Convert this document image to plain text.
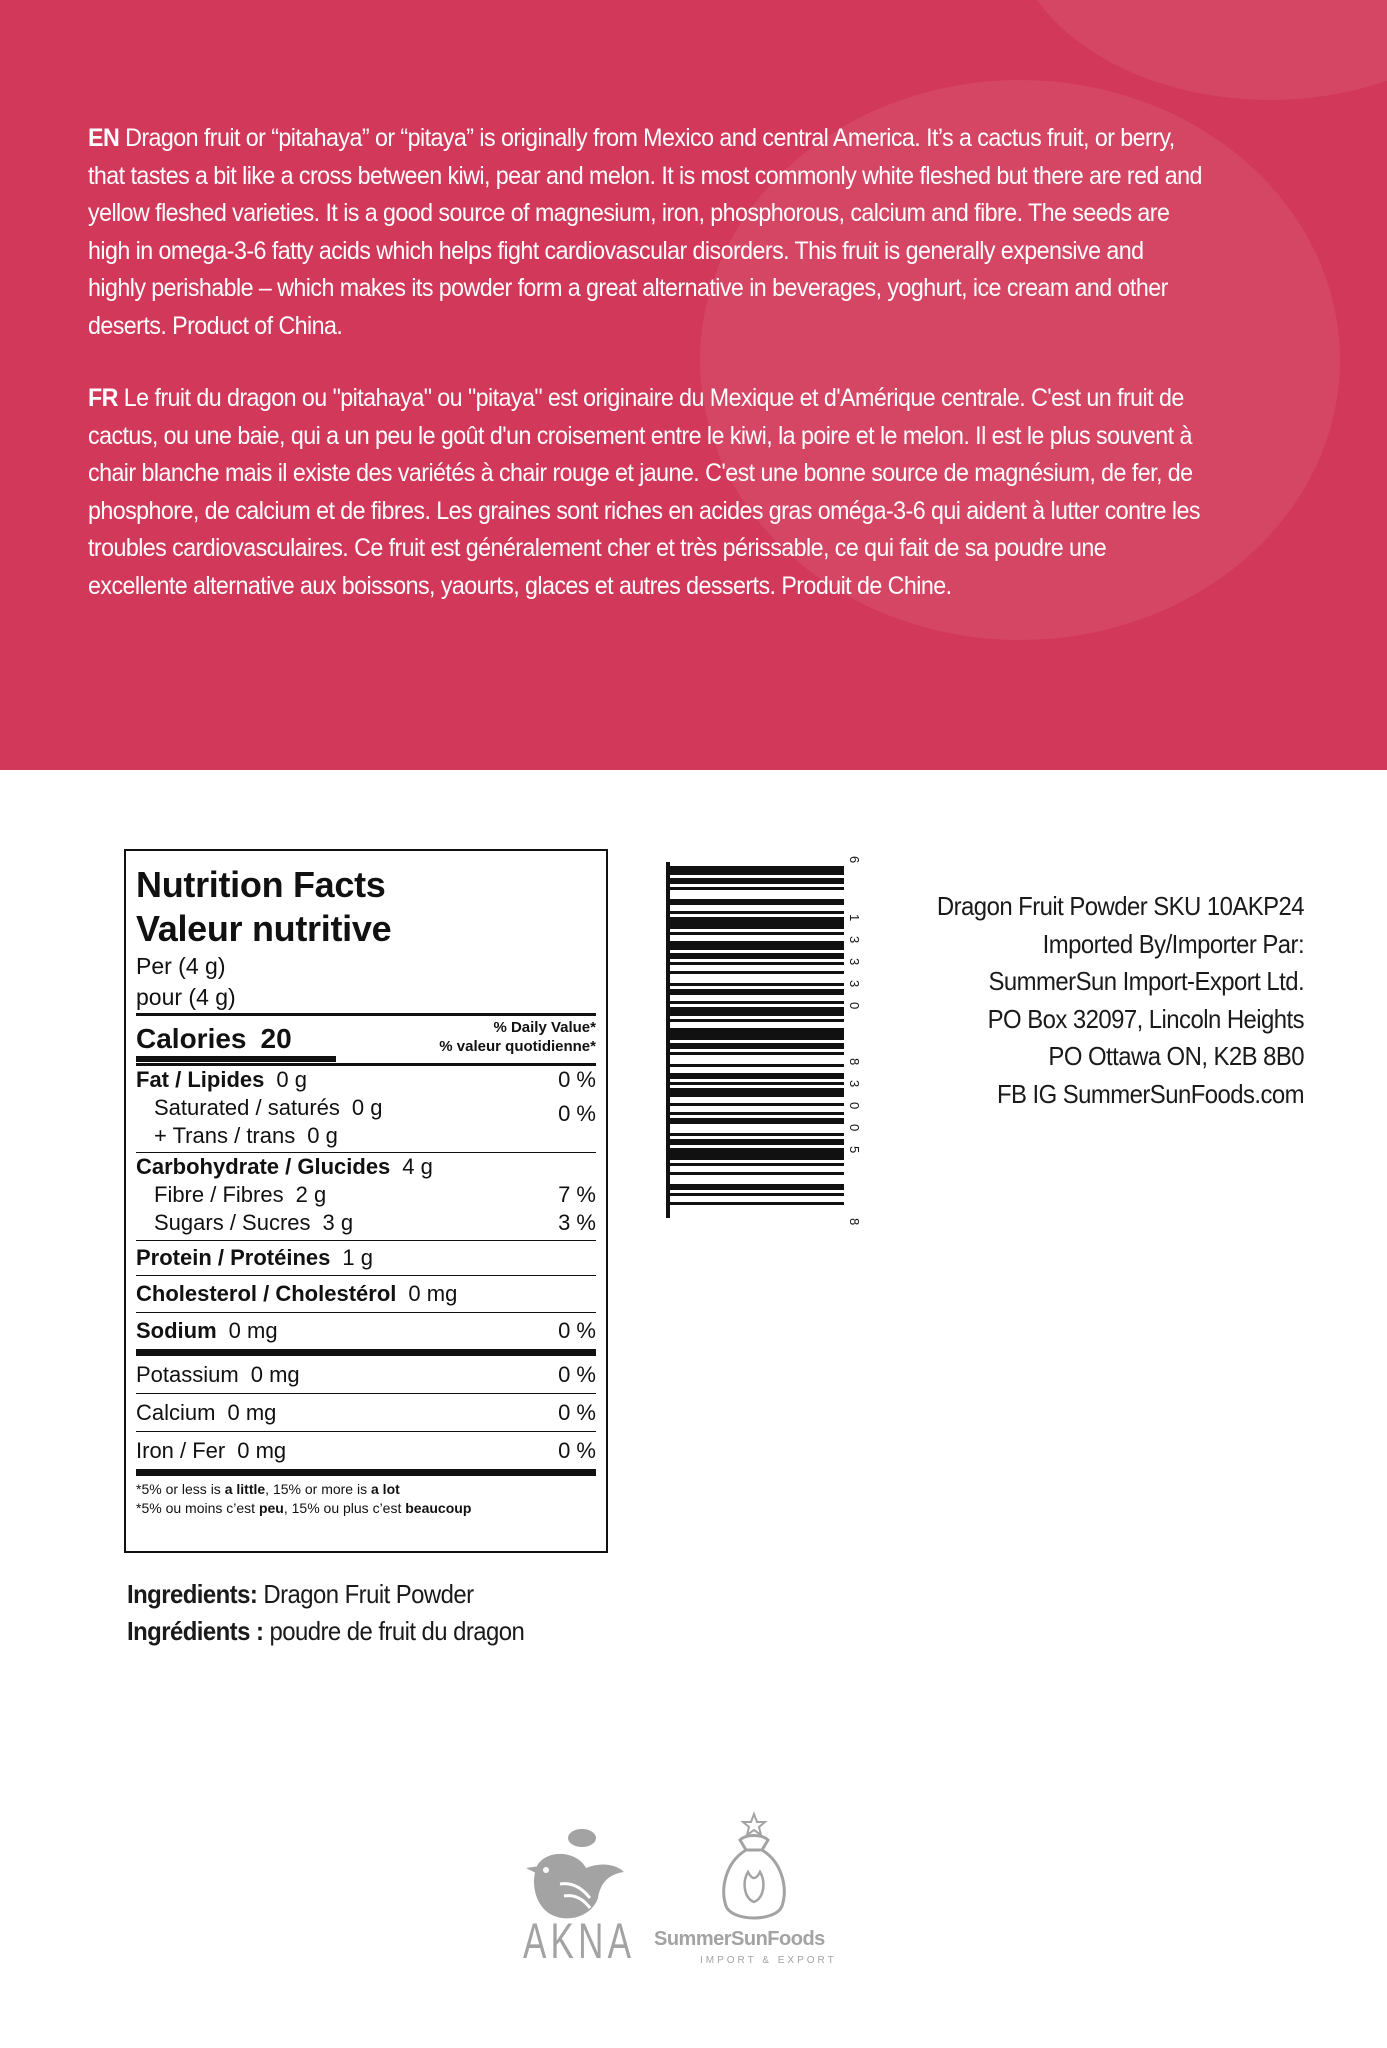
EN Dragon fruit or “pitahaya” or “pitaya” is originally from Mexico and central America. It’s a cactus fruit, or berry, that tastes a bit like a cross between kiwi, pear and melon. It is most commonly white fleshed but there are red and yellow fleshed varieties. It is a good source of magnesium, iron, phosphorous, calcium and fibre. The seeds are high in omega-3-6 fatty acids which helps fight cardiovascular disorders. This fruit is generally expensive and highly perishable – which makes its powder form a great alternative in beverages, yoghurt, ice cream and other deserts. Product of China.

FR Le fruit du dragon ou "pitahaya" ou "pitaya" est originaire du Mexique et d'Amérique centrale. C'est un fruit de cactus, ou une baie, qui a un peu le goût d'un croisement entre le kiwi, la poire et le melon. Il est le plus souvent à chair blanche mais il existe des variétés à chair rouge et jaune. C'est une bonne source de magnésium, de fer, de phosphore, de calcium et de fibres. Les graines sont riches en acides gras oméga-3-6 qui aident à lutter contre les troubles cardiovasculaires. Ce fruit est généralement cher et très périssable, ce qui fait de sa poudre une excellente alternative aux boissons, yaourts, glaces et autres desserts. Produit de Chine.

Nutrition Facts
Valeur nutritive
Per (4 g)
pour (4 g)
Calories 20	% Daily Value*
% valeur quotidienne*
Fat / Lipides 0 g	0 %
Saturated / saturés 0 g	0 %
+ Trans / trans 0 g
Carbohydrate / Glucides 4 g
Fibre / Fibres 2 g	7 %
Sugars / Sucres 3 g	3 %
Protein / Protéines 1 g
Cholesterol / Cholestérol 0 mg
Sodium 0 mg	0 %
Potassium 0 mg	0 %
Calcium 0 mg	0 %
Iron / Fer 0 mg	0 %
*5% or less is a little, 15% or more is a lot
*5% ou moins c’est peu, 15% ou plus c’est beaucoup
6
1
3
3
3
0
8
3
0
0
5
8
Dragon Fruit Powder SKU 10AKP24
Imported By/Importer Par:
SummerSun Import-Export Ltd.
PO Box 32097, Lincoln Heights
PO Ottawa ON, K2B 8B0
FB IG SummerSunFoods.com
Ingredients: Dragon Fruit Powder
Ingrédients : poudre de fruit du dragon
AKNA SummerSunFoods
IMPORT & EXPORT
